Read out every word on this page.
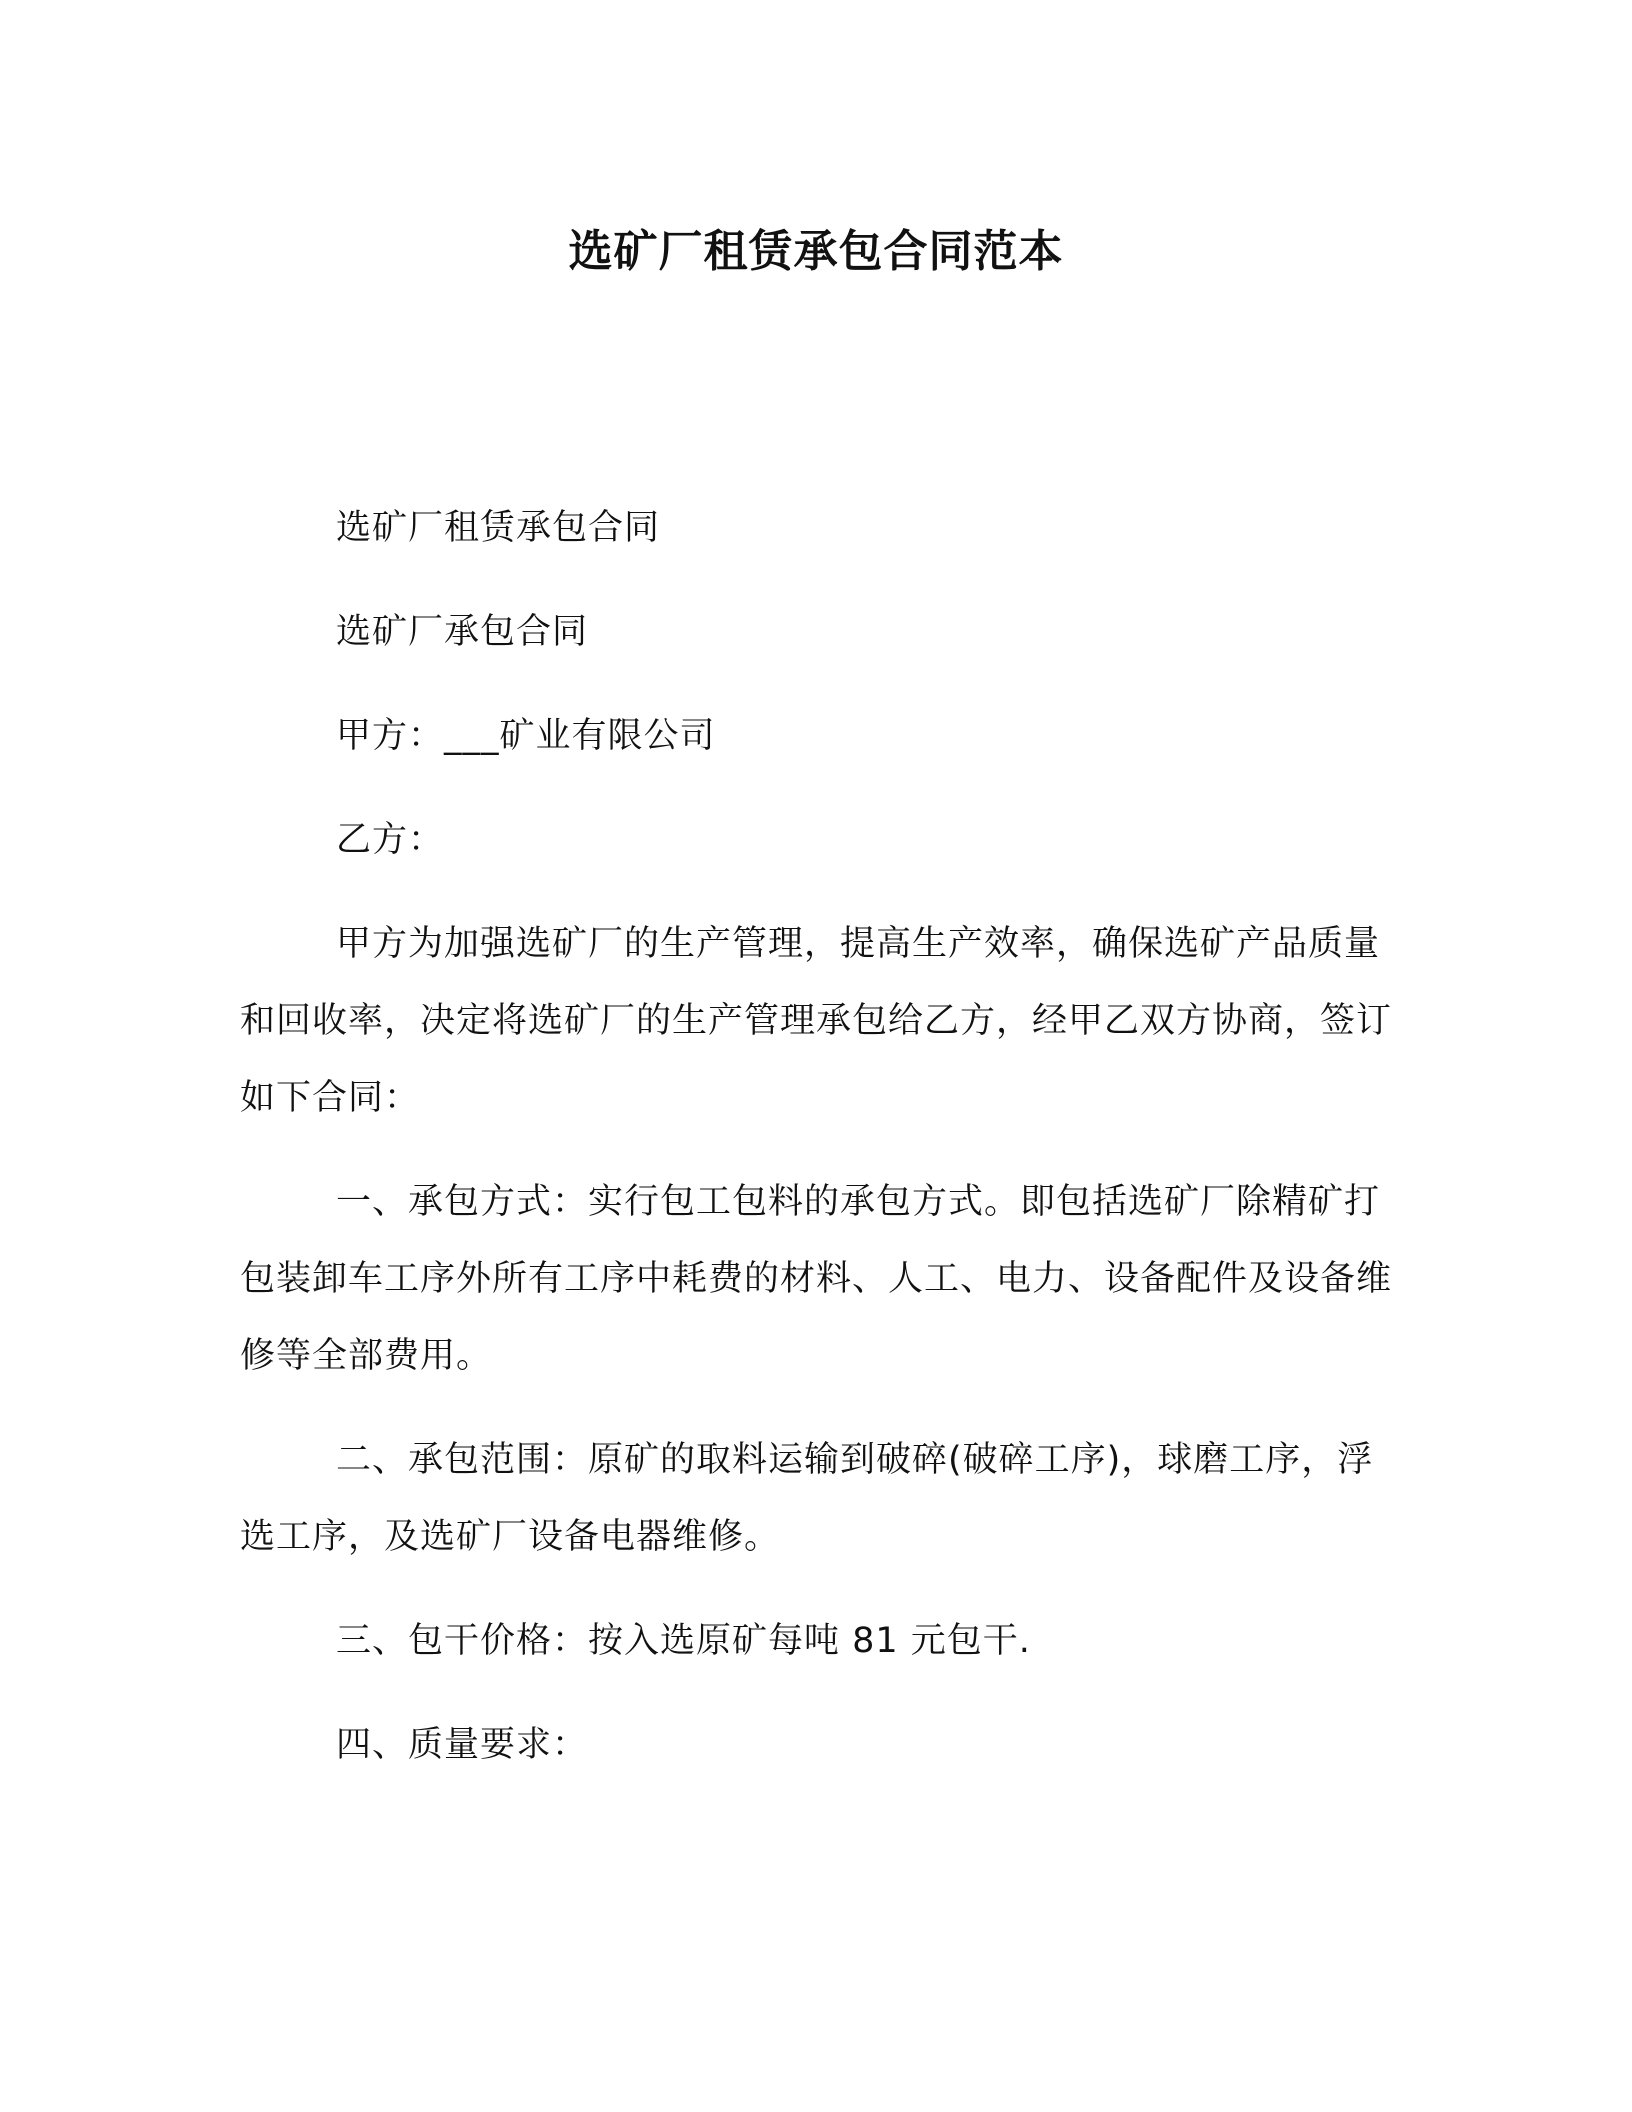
选矿厂租赁承包合同范本

选矿厂租赁承包合同

选矿厂承包合同

甲方：___矿业有限公司

乙方：

甲方为加强选矿厂的生产管理，提高生产效率，确保选矿产品质量和回收率，决定将选矿厂的生产管理承包给乙方，经甲乙双方协商，签订如下合同：

一、承包方式：实行包工包料的承包方式。即包括选矿厂除精矿打包装卸车工序外所有工序中耗费的材料、人工、电力、设备配件及设备维修等全部费用。

二、承包范围：原矿的取料运输到破碎(破碎工序)，球磨工序，浮选工序，及选矿厂设备电器维修。

三、包干价格：按入选原矿每吨 81 元包干.

四、质量要求：
